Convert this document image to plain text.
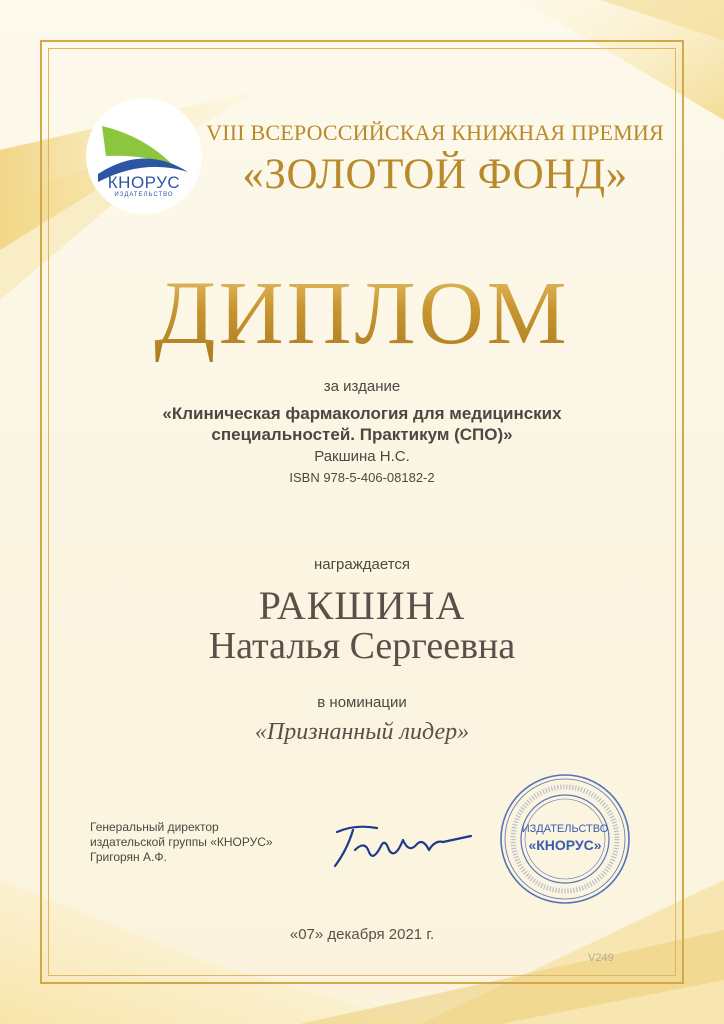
КНОРУС
ИЗДАТЕЛЬСТВО
VIII ВСЕРОССИЙСКАЯ КНИЖНАЯ ПРЕМИЯ
«ЗОЛОТОЙ ФОНД»
ДИПЛОМ
за издание
«Клиническая фармакология для медицинских
специальностей. Практикум (СПО)»
Ракшина Н.С.
ISBN 978-5-406-08182-2
награждается
РАКШИНА
Наталья Сергеевна
в номинации
«Признанный лидер»
Генеральный директор
издательской группы «КНОРУС»
Григорян А.Ф.
ИЗДАТЕЛЬСТВО
«КНОРУС»
«07» декабря 2021 г.
V249
